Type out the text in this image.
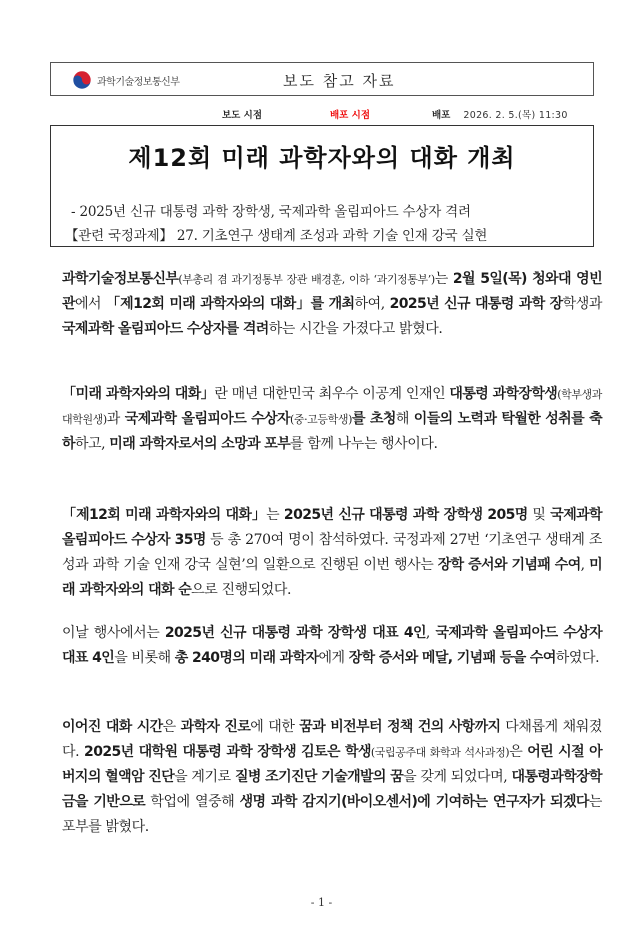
과학기술정보통신부	보도 참고 자료
보도 시점	배포 시점	배포 2026. 2. 5.(목) 11:30
제12회 미래 과학자와의 대화 개최
- 2025년 신규 대통령 과학 장학생, 국제과학 올림피아드 수상자 격려
【관련 국정과제】 27. 기초연구 생태계 조성과 과학 기술 인재 강국 실현

과학기술정보통신부(부총리 겸 과기정통부 장관 배경훈, 이하 ‘과기정통부’)는 2월 5일(목) 청와대 영빈관에서 「제12회 미래 과학자와의 대화」를 개최하여, 2025년 신규 대통령 과학 장학생과 국제과학 올림피아드 수상자를 격려하는 시간을 가졌다고 밝혔다.

「미래 과학자와의 대화」란 매년 대한민국 최우수 이공계 인재인 대통령 과학장학생(학부생과 대학원생)과 국제과학 올림피아드 수상자(중·고등학생)를 초청해 이들의 노력과 탁월한 성취를 축하하고, 미래 과학자로서의 소망과 포부를 함께 나누는 행사이다.

「제12회 미래 과학자와의 대화」는 2025년 신규 대통령 과학 장학생 205명 및 국제과학 올림피아드 수상자 35명 등 총 270여 명이 참석하였다. 국정과제 27번 ‘기초연구 생태계 조성과 과학 기술 인재 강국 실현’의 일환으로 진행된 이번 행사는 장학 증서와 기념패 수여, 미래 과학자와의 대화 순으로 진행되었다.

이날 행사에서는 2025년 신규 대통령 과학 장학생 대표 4인, 국제과학 올림피아드 수상자 대표 4인을 비롯해 총 240명의 미래 과학자에게 장학 증서와 메달, 기념패 등을 수여하였다.

이어진 대화 시간은 과학자 진로에 대한 꿈과 비전부터 정책 건의 사항까지 다채롭게 채워졌다. 2025년 대학원 대통령 과학 장학생 김토은 학생(국립공주대 화학과 석사과정)은 어린 시절 아버지의 혈액암 진단을 계기로 질병 조기진단 기술개발의 꿈을 갖게 되었다며, 대통령과학장학금을 기반으로 학업에 열중해 생명 과학 감지기(바이오센서)에 기여하는 연구자가 되겠다는 포부를 밝혔다.

- 1 -
